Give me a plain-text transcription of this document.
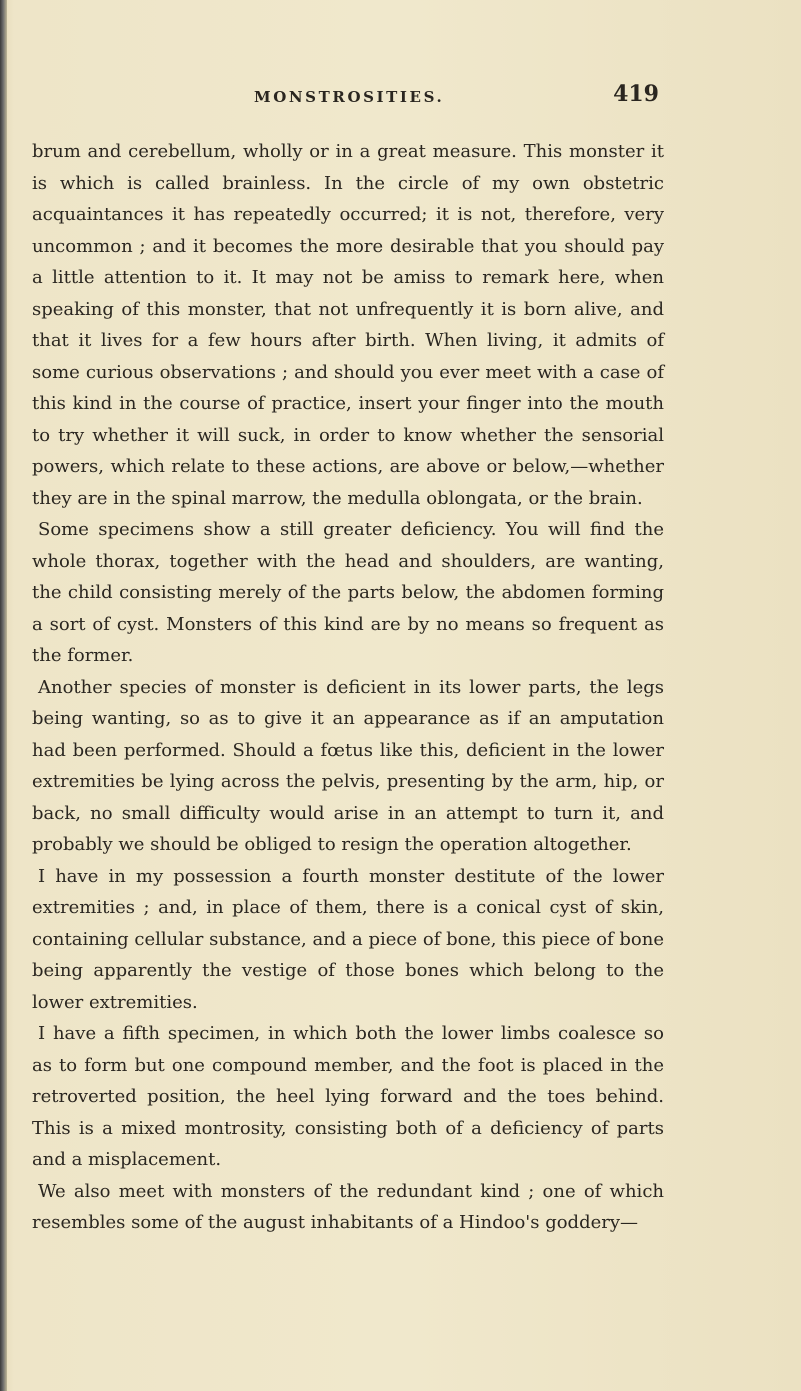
MONSTROSITIES.	419

brum and cerebellum, wholly or in a great measure. This monster it is which is called brainless. In the circle of my own obstetric acquaintances it has repeatedly occurred; it is not, therefore, very uncommon ; and it becomes the more desirable that you should pay a little attention to it. It may not be amiss to remark here, when speaking of this monster, that not unfrequently it is born alive, and that it lives for a few hours after birth. When living, it admits of some curious observations ; and should you ever meet with a case of this kind in the course of practice, insert your finger into the mouth to try whether it will suck, in order to know whether the sensorial powers, which relate to these actions, are above or below,—whether they are in the spinal marrow, the medulla oblongata, or the brain.

Some specimens show a still greater deficiency. You will find the whole thorax, together with the head and shoulders, are wanting, the child consisting merely of the parts below, the abdomen forming a sort of cyst. Monsters of this kind are by no means so frequent as the former.

Another species of monster is deficient in its lower parts, the legs being wanting, so as to give it an appearance as if an amputation had been performed. Should a fœtus like this, deficient in the lower extremities be lying across the pelvis, presenting by the arm, hip, or back, no small difficulty would arise in an attempt to turn it, and probably we should be obliged to resign the operation altogether.

I have in my possession a fourth monster destitute of the lower extremities ; and, in place of them, there is a conical cyst of skin, containing cellular substance, and a piece of bone, this piece of bone being apparently the vestige of those bones which belong to the lower extremities.

I have a fifth specimen, in which both the lower limbs coalesce so as to form but one compound member, and the foot is placed in the retroverted position, the heel lying forward and the toes behind. This is a mixed montrosity, consisting both of a deficiency of parts and a misplacement.

We also meet with monsters of the redundant kind ; one of which resembles some of the august inhabitants of a Hindoo's goddery—
